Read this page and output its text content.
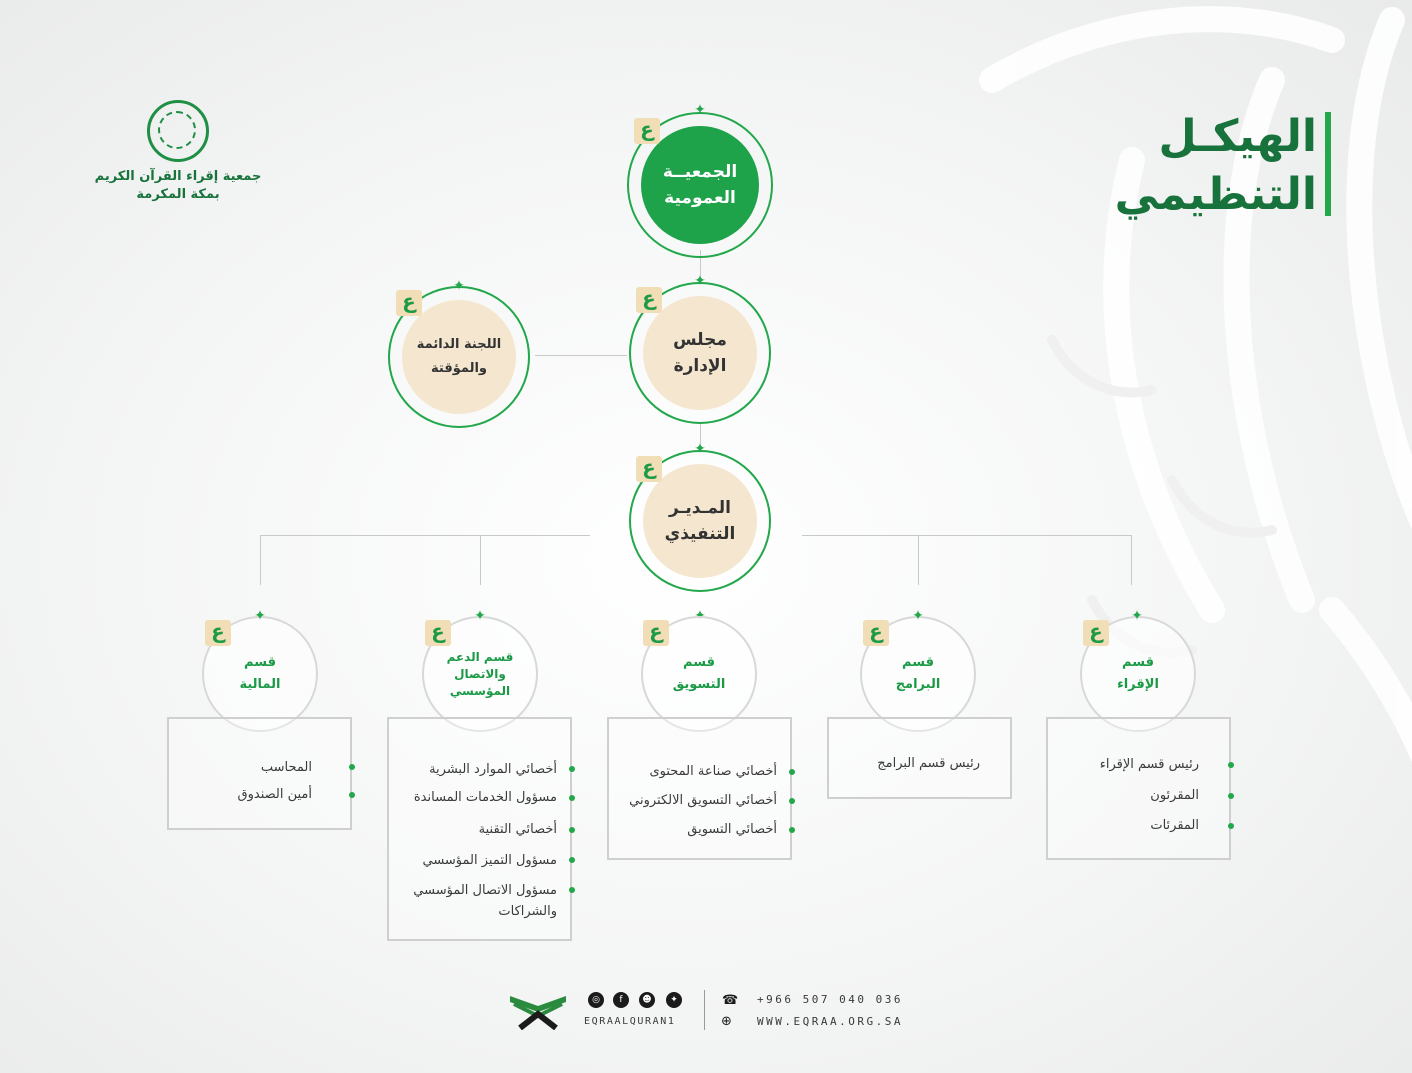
الهيكـل
التنظيمي
جمعية إقراء القرآن الكريم
بمكة المكرمة
الجمعيــة
العمومية
✦
ع
مجلس
الإدارة
✦
ع
اللجنة الدائمة
والمؤقتة
✦
ع
المـديـر
التنفيذي
✦
ع
قسم
المالية
✦
ع
قسم الدعم
والاتصال
المؤسسي
✦
ع
قسم
التسويق
ع
قسم
البرامج
✦
ع
قسم
الإقراء
✦
ع
المحاسب
أمين الصندوق
أخصائي الموارد البشرية
مسؤول الخدمات المساندة
أخصائي التقنية
مسؤول التميز المؤسسي
مسؤول الاتصال المؤسسي
والشراكات
أخصائي صناعة المحتوى
أخصائي التسويق الالكتروني
أخصائي التسويق
رئيس قسم البرامج	رئيس قسم الإقراء
المقرئون
المقرئات
◎	f	☻	✦
EQRAALQURAN1
☎ +966 507 040 036
⊕ WWW.EQRAA.ORG.SA
